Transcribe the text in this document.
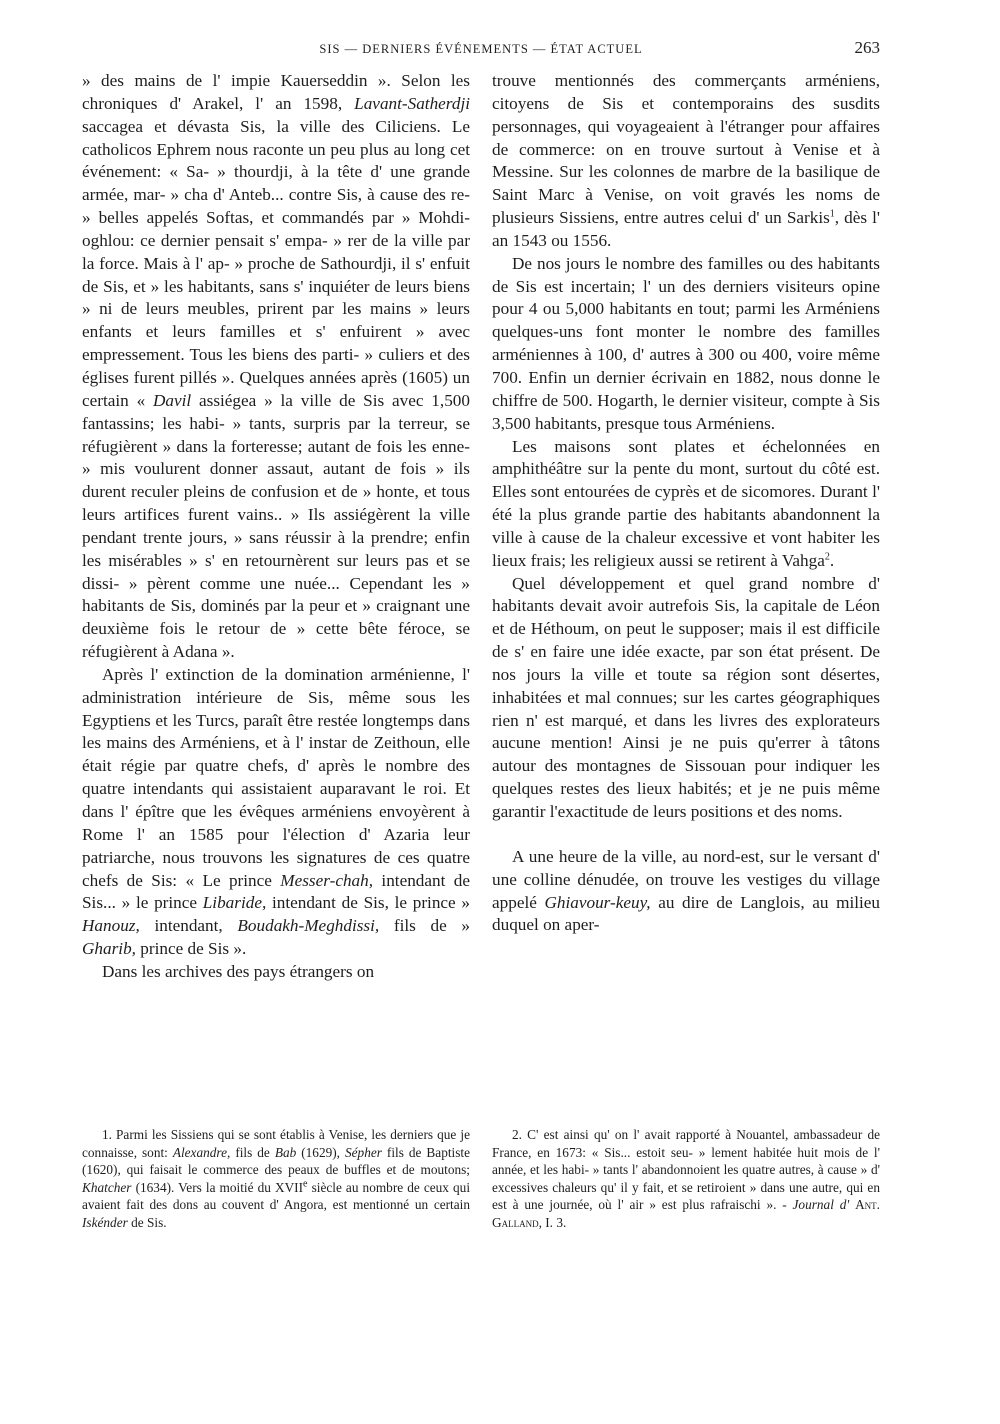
SIS — DERNIERS ÉVÉNEMENTS — ÉTAT ACTUEL	263

» des mains de l' impie Kauerseddin ». Selon les chroniques d' Arakel, l' an 1598, Lavant-Satherdji saccagea et dévasta Sis, la ville des Ciliciens. Le catholicos Ephrem nous raconte un peu plus au long cet événement: « Sa- » thourdji, à la tête d' une grande armée, mar- » cha d' Anteb... contre Sis, à cause des re- » belles appelés Softas, et commandés par » Mohdi-oghlou: ce dernier pensait s' empa- » rer de la ville par la force. Mais à l' ap- » proche de Sathourdji, il s' enfuit de Sis, et » les habitants, sans s' inquiéter de leurs biens » ni de leurs meubles, prirent par les mains » leurs enfants et leurs familles et s' enfuirent » avec empressement. Tous les biens des parti- » culiers et des églises furent pillés ». Quelques années après (1605) un certain « Davil assiégea » la ville de Sis avec 1,500 fantassins; les habi- » tants, surpris par la terreur, se réfugièrent » dans la forteresse; autant de fois les enne- » mis voulurent donner assaut, autant de fois » ils durent reculer pleins de confusion et de » honte, et tous leurs artifices furent vains.. » Ils assiégèrent la ville pendant trente jours, » sans réussir à la prendre; enfin les misérables » s' en retournèrent sur leurs pas et se dissi- » pèrent comme une nuée... Cependant les » habitants de Sis, dominés par la peur et » craignant une deuxième fois le retour de » cette bête féroce, se réfugièrent à Adana ».

Après l' extinction de la domination arménienne, l' administration intérieure de Sis, même sous les Egyptiens et les Turcs, paraît être restée longtemps dans les mains des Arméniens, et à l' instar de Zeithoun, elle était régie par quatre chefs, d' après le nombre des quatre intendants qui assistaient auparavant le roi. Et dans l' épître que les évêques arméniens envoyèrent à Rome l' an 1585 pour l'élection d' Azaria leur patriarche, nous trouvons les signatures de ces quatre chefs de Sis: « Le prince Messer-chah, intendant de Sis... » le prince Libaride, intendant de Sis, le prince » Hanouz, intendant, Boudakh-Meghdissi, fils de » Gharib, prince de Sis ».

Dans les archives des pays étrangers on

trouve mentionnés des commerçants arméniens, citoyens de Sis et contemporains des susdits personnages, qui voyageaient à l'étranger pour affaires de commerce: on en trouve surtout à Venise et à Messine. Sur les colonnes de marbre de la basilique de Saint Marc à Venise, on voit gravés les noms de plusieurs Sissiens, entre autres celui d' un Sarkis$^1$, dès l' an 1543 ou 1556.

De nos jours le nombre des familles ou des habitants de Sis est incertain; l' un des derniers visiteurs opine pour 4 ou 5,000 habitants en tout; parmi les Arméniens quelques-uns font monter le nombre des familles arméniennes à 100, d' autres à 300 ou 400, voire même 700. Enfin un dernier écrivain en 1882, nous donne le chiffre de 500. Hogarth, le dernier visiteur, compte à Sis 3,500 habitants, presque tous Arméniens.

Les maisons sont plates et échelonnées en amphithéâtre sur la pente du mont, surtout du côté est. Elles sont entourées de cyprès et de sicomores. Durant l' été la plus grande partie des habitants abandonnent la ville à cause de la chaleur excessive et vont habiter les lieux frais; les religieux aussi se retirent à Vahga$^2$.

Quel développement et quel grand nombre d' habitants devait avoir autrefois Sis, la capitale de Léon et de Héthoum, on peut le supposer; mais il est difficile de s' en faire une idée exacte, par son état présent. De nos jours la ville et toute sa région sont désertes, inhabitées et mal connues; sur les cartes géographiques rien n' est marqué, et dans les livres des explorateurs aucune mention! Ainsi je ne puis qu'errer à tâtons autour des montagnes de Sissouan pour indiquer les quelques restes des lieux habités; et je ne puis même garantir l'exactitude de leurs positions et des noms.

A une heure de la ville, au nord-est, sur le versant d' une colline dénudée, on trouve les vestiges du village appelé Ghiavour-keuy, au dire de Langlois, au milieu duquel on aper-

1. Parmi les Sissiens qui se sont établis à Venise, les derniers que je connaisse, sont: Alexandre, fils de Bab (1629), Sépher fils de Baptiste (1620), qui faisait le commerce des peaux de buffles et de moutons; Khatcher (1634). Vers la moitié du XVIIe siècle au nombre de ceux qui avaient fait des dons au couvent d' Angora, est mentionné un certain Iskénder de Sis.

2. C' est ainsi qu' on l' avait rapporté à Nouantel, ambassadeur de France, en 1673: « Sis... estoit seu- » lement habitée huit mois de l' année, et les habi- » tants l' abandonnoient les quatre autres, à cause » d' excessives chaleurs qu' il y fait, et se retiroient » dans une autre, qui en est à une journée, où l' air » est plus rafraischi ». - Journal d' Ant. Galland, I. 3.
